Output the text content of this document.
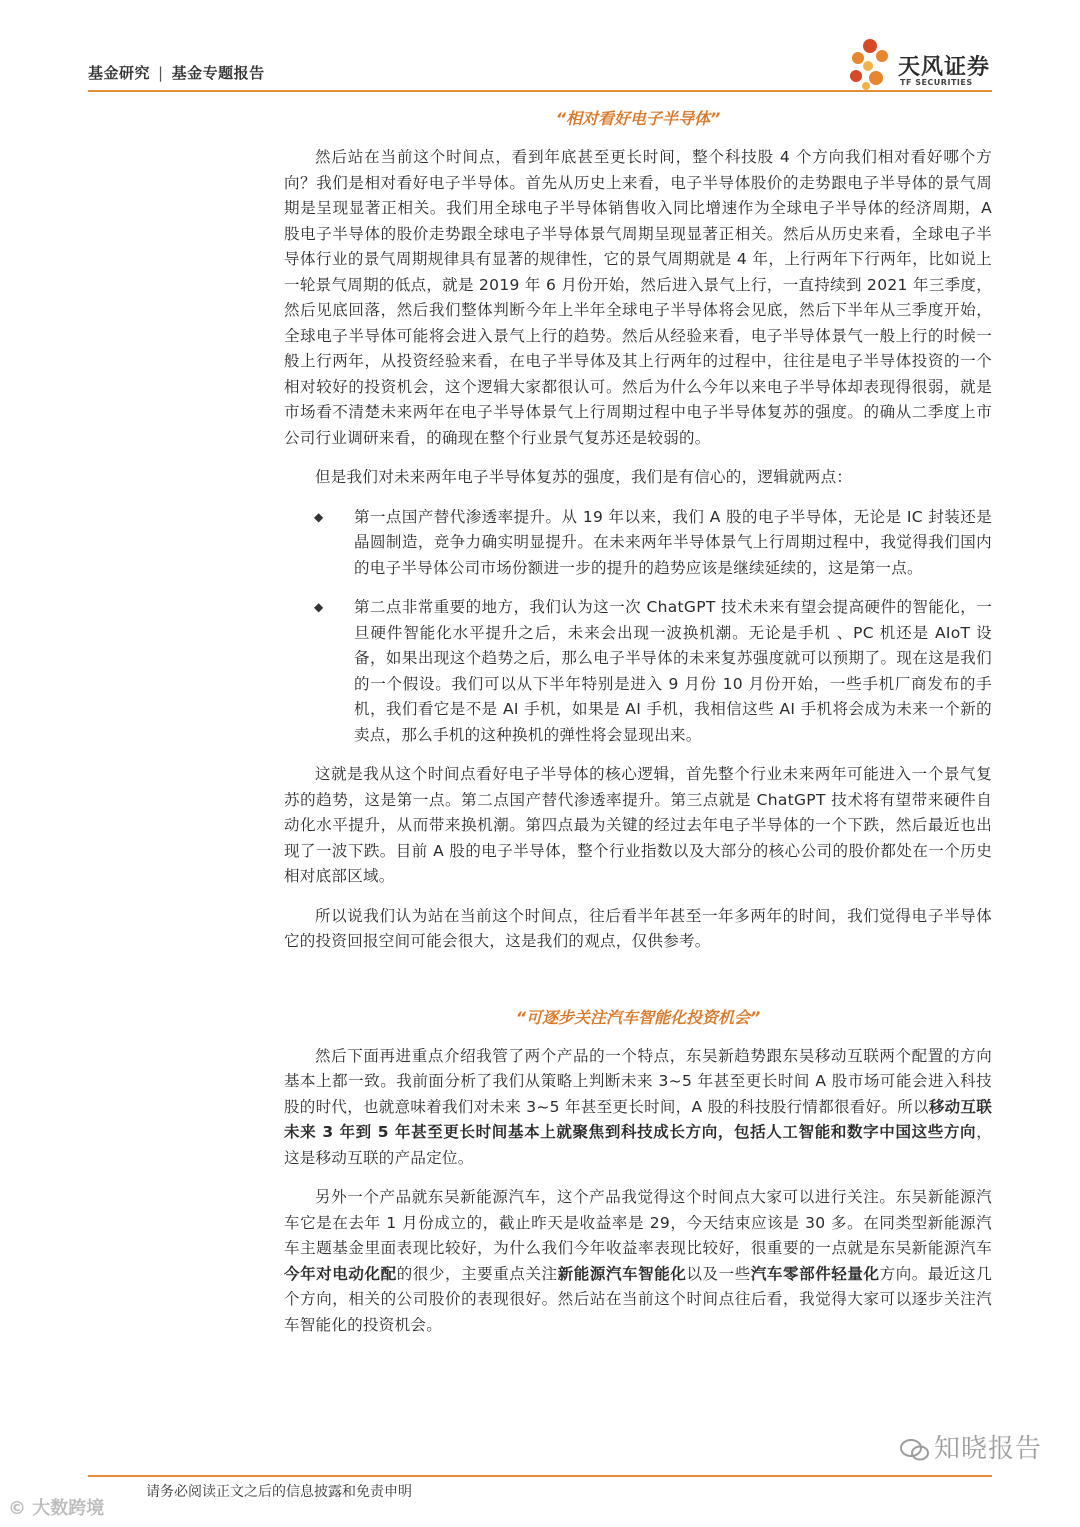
基金研究 | 基金专题报告	天风证券
TF SECURITIES
“相对看好电子半导体”

然后站在当前这个时间点，看到年底甚至更长时间，整个科技股 4 个方向我们相对看好哪个方向？我们是相对看好电子半导体。首先从历史上来看，电子半导体股价的走势跟电子半导体的景气周期是呈现显著正相关。我们用全球电子半导体销售收入同比增速作为全球电子半导体的经济周期，A 股电子半导体的股价走势跟全球电子半导体景气周期呈现显著正相关。然后从历史来看，全球电子半导体行业的景气周期规律具有显著的规律性，它的景气周期就是 4 年，上行两年下行两年，比如说上一轮景气周期的低点，就是 2019 年 6 月份开始，然后进入景气上行，一直持续到 2021 年三季度，然后见底回落，然后我们整体判断今年上半年全球电子半导体将会见底，然后下半年从三季度开始，全球电子半导体可能将会进入景气上行的趋势。然后从经验来看，电子半导体景气一般上行的时候一般上行两年，从投资经验来看，在电子半导体及其上行两年的过程中，往往是电子半导体投资的一个相对较好的投资机会，这个逻辑大家都很认可。然后为什么今年以来电子半导体却表现得很弱，就是市场看不清楚未来两年在电子半导体景气上行周期过程中电子半导体复苏的强度。的确从二季度上市公司行业调研来看，的确现在整个行业景气复苏还是较弱的。

但是我们对未来两年电子半导体复苏的强度，我们是有信心的，逻辑就两点：

◆ 第一点国产替代渗透率提升。从 19 年以来，我们 A 股的电子半导体，无论是 IC 封装还是晶圆制造，竞争力确实明显提升。在未来两年半导体景气上行周期过程中，我觉得我们国内的电子半导体公司市场份额进一步的提升的趋势应该是继续延续的，这是第一点。
◆ 第二点非常重要的地方，我们认为这一次 ChatGPT 技术未来有望会提高硬件的智能化，一旦硬件智能化水平提升之后，未来会出现一波换机潮。无论是手机 、PC 机还是 AIoT 设备，如果出现这个趋势之后，那么电子半导体的未来复苏强度就可以预期了。现在这是我们的一个假设。我们可以从下半年特别是进入 9 月份 10 月份开始，一些手机厂商发布的手机，我们看它是不是 AI 手机，如果是 AI 手机，我相信这些 AI 手机将会成为未来一个新的卖点，那么手机的这种换机的弹性将会显现出来。

这就是我从这个时间点看好电子半导体的核心逻辑，首先整个行业未来两年可能进入一个景气复苏的趋势，这是第一点。第二点国产替代渗透率提升。第三点就是 ChatGPT 技术将有望带来硬件自动化水平提升，从而带来换机潮。第四点最为关键的经过去年电子半导体的一个下跌，然后最近也出现了一波下跌。目前 A 股的电子半导体，整个行业指数以及大部分的核心公司的股价都处在一个历史相对底部区域。

所以说我们认为站在当前这个时间点，往后看半年甚至一年多两年的时间，我们觉得电子半导体它的投资回报空间可能会很大，这是我们的观点，仅供参考。

“可逐步关注汽车智能化投资机会”

然后下面再进重点介绍我管了两个产品的一个特点，东吴新趋势跟东吴移动互联两个配置的方向基本上都一致。我前面分析了我们从策略上判断未来 3~5 年甚至更长时间 A 股市场可能会进入科技股的时代，也就意味着我们对未来 3~5 年甚至更长时间，A 股的科技股行情都很看好。所以移动互联未来 3 年到 5 年甚至更长时间基本上就聚焦到科技成长方向，包括人工智能和数字中国这些方向，这是移动互联的产品定位。

另外一个产品就东吴新能源汽车，这个产品我觉得这个时间点大家可以进行关注。东吴新能源汽车它是在去年 1 月份成立的，截止昨天是收益率是 29，今天结束应该是 30 多。在同类型新能源汽车主题基金里面表现比较好，为什么我们今年收益率表现比较好，很重要的一点就是东吴新能源汽车今年对电动化配的很少，主要重点关注新能源汽车智能化以及一些汽车零部件轻量化方向。最近这几个方向，相关的公司股价的表现很好。然后站在当前这个时间点往后看，我觉得大家可以逐步关注汽车智能化的投资机会。

知晓报告
请务必阅读正文之后的信息披露和免责申明
© 大数跨境
